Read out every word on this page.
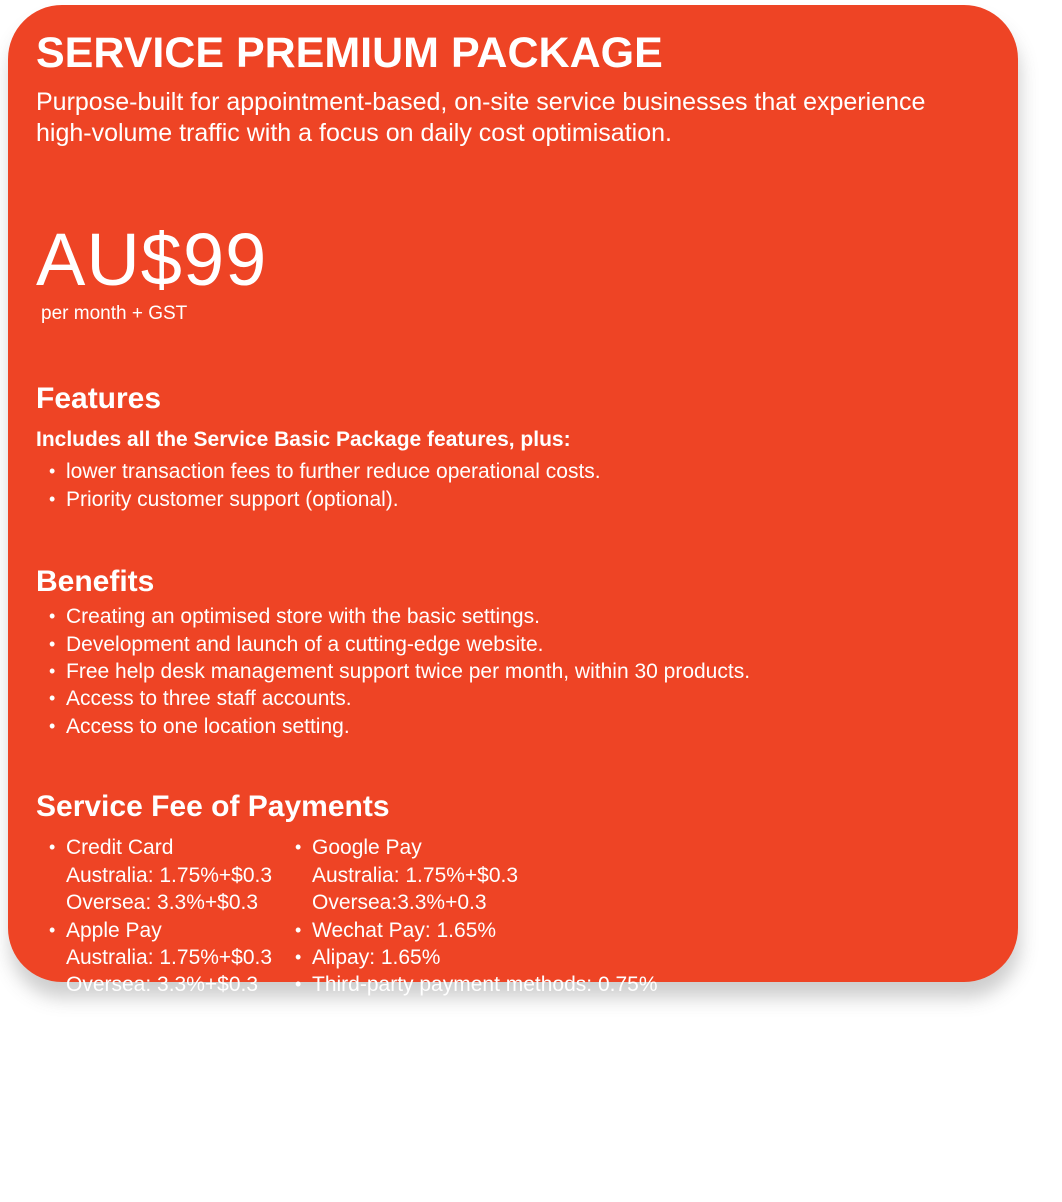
SERVICE PREMIUM PACKAGE

Purpose-built for appointment-based, on-site service businesses that experience high-volume traffic with a focus on daily cost optimisation.

AU$99
per month + GST
Features

Includes all the Service Basic Package features, plus:

• lower transaction fees to further reduce operational costs.
• Priority customer support (optional).
Benefits
• Creating an optimised store with the basic settings.
• Development and launch of a cutting-edge website.
• Free help desk management support twice per month, within 30 products.
• Access to three staff accounts.
• Access to one location setting.
Service Fee of Payments
• Credit Card
Australia: 1.75%+$0.3
Oversea: 3.3%+$0.3
• Apple Pay
Australia: 1.75%+$0.3
Oversea: 3.3%+$0.3
• Google Pay
Australia: 1.75%+$0.3
Oversea:3.3%+0.3
• Wechat Pay: 1.65%
• Alipay: 1.65%
• Third-party payment methods: 0.75%
